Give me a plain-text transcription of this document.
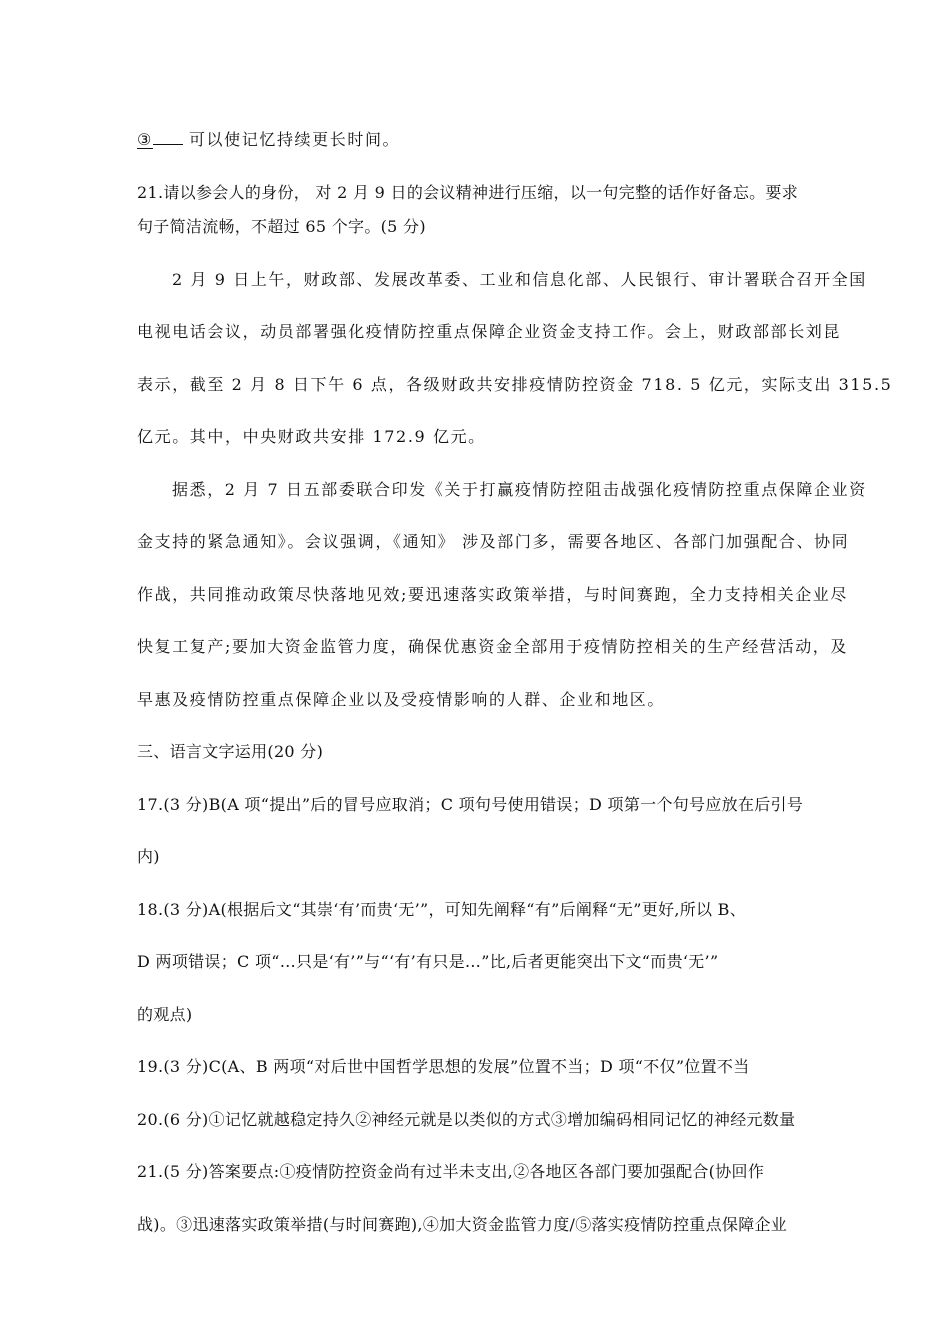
③ 可以使记忆持续更长时间。
21.请以参会人的身份， 对 2 月 9 日的会议精神进行压缩，以一句完整的话作好备忘。要求
句子简洁流畅，不超过 65 个字。(5 分)
2 月 9 日上午，财政部、发展改革委、工业和信息化部、人民银行、审计署联合召开全国
电视电话会议，动员部署强化疫情防控重点保障企业资金支持工作。会上，财政部部长刘昆
表示，截至 2 月 8 日下午 6 点，各级财政共安排疫情防控资金 718. 5 亿元，实际支出 315.5
亿元。其中，中央财政共安排 172.9 亿元。
据悉，2 月 7 日五部委联合印发《关于打赢疫情防控阻击战强化疫情防控重点保障企业资
金支持的紧急通知》。会议强调，《通知》 涉及部门多，需要各地区、各部门加强配合、协同
作战，共同推动政策尽快落地见效;要迅速落实政策举措，与时间赛跑，全力支持相关企业尽
快复工复产;要加大资金监管力度，确保优惠资金全部用于疫情防控相关的生产经营活动，及
早惠及疫情防控重点保障企业以及受疫情影响的人群、企业和地区。
三、语言文字运用(20 分)
17.(3 分)B(A 项“提出”后的冒号应取消；C 项句号使用错误；D 项第一个句号应放在后引号
内)
18.(3 分)A(根据后文“其崇‘有’而贵‘无’”，可知先阐释“有”后阐释“无”更好,所以 B、
D 两项错误；C 项“…只是‘有’”与“‘有’有只是…”比,后者更能突出下文“而贵‘无’”
的观点)
19.(3 分)C(A、B 两项“对后世中国哲学思想的发展”位置不当；D 项“不仅”位置不当
20.(6 分)①记忆就越稳定持久②神经元就是以类似的方式③增加编码相同记忆的神经元数量
21.(5 分)答案要点:①疫情防控资金尚有过半未支出,②各地区各部门要加强配合(协回作
战)。③迅速落实政策举措(与时间赛跑),④加大资金监管力度/⑤落实疫情防控重点保障企业
